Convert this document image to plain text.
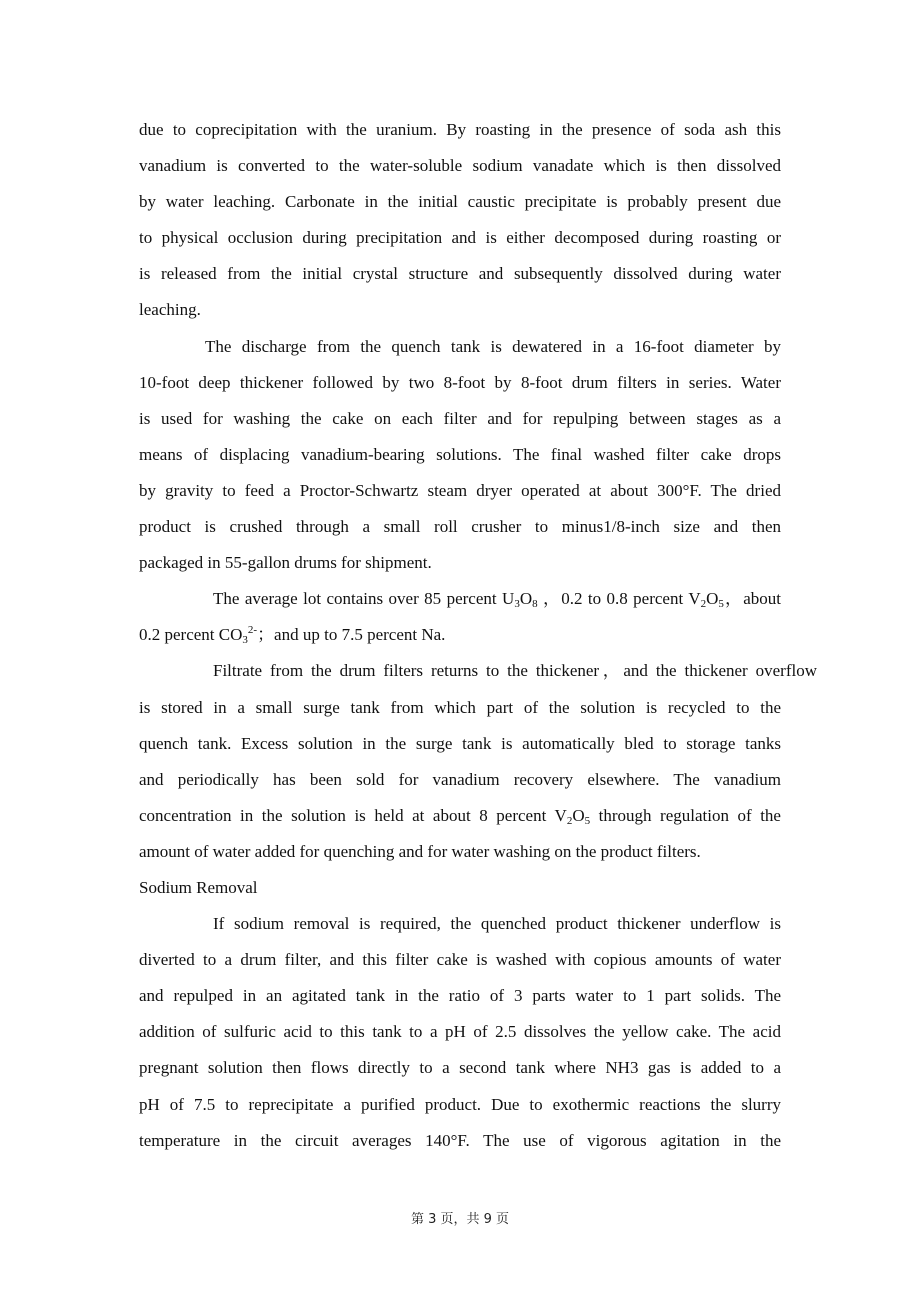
due to coprecipitation with the uranium. By roasting in the presence of soda ash this
vanadium is converted to the water-soluble sodium vanadate which is then dissolved
by water leaching. Carbonate in the initial caustic precipitate is probably present due
to physical occlusion during precipitation and is either decomposed during roasting or
is released from the initial crystal structure and subsequently dissolved during water
leaching.
The discharge from the quench tank is dewatered in a 16-foot diameter by
10-foot deep thickener followed by two 8-foot by 8-foot drum filters in series. Water
is used for washing the cake on each filter and for repulping between stages as a
means of displacing vanadium-bearing solutions. The final washed filter cake drops
by gravity to feed a Proctor-Schwartz steam dryer operated at about 300°F. The dried
product is crushed through a small roll crusher to minus1/8-inch size and then
packaged in 55-gallon drums for shipment.
The average lot contains over 85 percent $U_3O_8$ ，0.2 to 0.8 percent $V_2O_5$，about
0.2 percent $CO_3^{2-}$；and up to 7.5 percent Na.
Filtrate from the drum filters returns to the thickener，and the thickener overflow
is stored in a small surge tank from which part of the solution is recycled to the
quench tank. Excess solution in the surge tank is automatically bled to storage tanks
and periodically has been sold for vanadium recovery elsewhere. The vanadium
concentration in the solution is held at about 8 percent $V_2O_5$ through regulation of the
amount of water added for quenching and for water washing on the product filters.
Sodium Removal
If sodium removal is required, the quenched product thickener underflow is
diverted to a drum filter, and this filter cake is washed with copious amounts of water
and repulped in an agitated tank in the ratio of 3 parts water to 1 part solids. The
addition of sulfuric acid to this tank to a pH of 2.5 dissolves the yellow cake. The acid
pregnant solution then flows directly to a second tank where NH3 gas is added to a
pH of 7.5 to reprecipitate a purified product. Due to exothermic reactions the slurry
temperature in the circuit averages 140°F. The use of vigorous agitation in the
第 3 页，共 9 页
